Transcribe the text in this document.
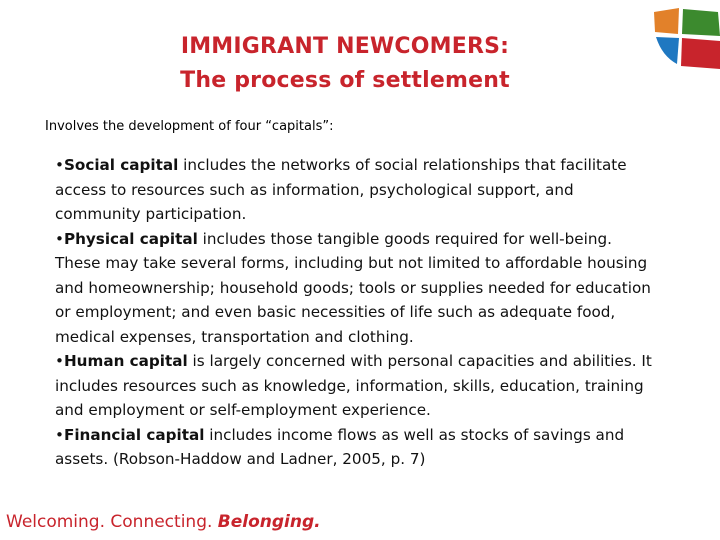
IMMIGRANT NEWCOMERS:
The process of settlement
Involves the development of four “capitals”:

•Social capital includes the networks of social relationships that facilitate access to resources such as information, psychological support, and community participation.

•Physical capital includes those tangible goods required for well-being. These may take several forms, including but not limited to affordable housing and homeownership; household goods; tools or supplies needed for education or employment; and even basic necessities of life such as adequate food, medical expenses, transportation and clothing.

•Human capital is largely concerned with personal capacities and abilities. It includes resources such as knowledge, information, skills, education, training and employment or self-employment experience.

•Financial capital includes income flows as well as stocks of savings and assets. (Robson-Haddow and Ladner, 2005, p. 7)

Welcoming. Connecting. Belonging.
